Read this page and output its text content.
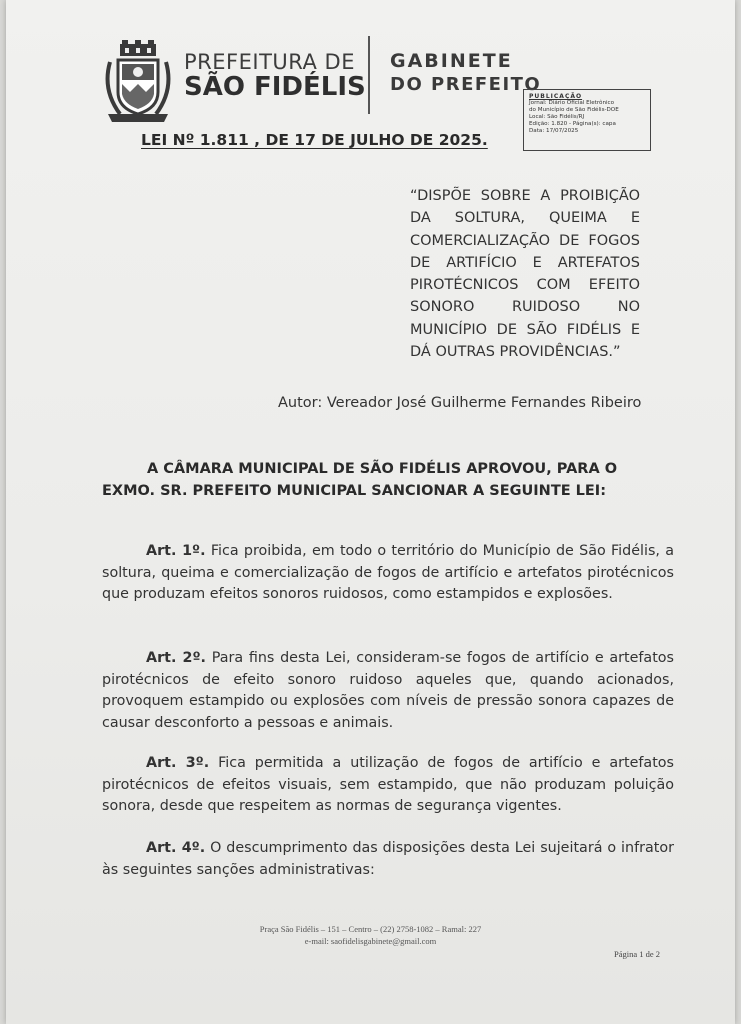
PREFEITURA DE
SÃO FIDÉLIS
GABINETE
DO PREFEITO
PUBLICAÇÃO
Jornal: Diário Oficial Eletrônico
do Município de São Fidélis-DOE
Local: São Fidélis/RJ
Edição: 1.820 - Página(s): capa
Data: 17/07/2025
LEI Nº 1.811 , DE 17 DE JULHO DE 2025.

“DISPÕE SOBRE A PROIBIÇÃO DA SOLTURA, QUEIMA E COMERCIALIZAÇÃO DE FOGOS DE ARTIFÍCIO E ARTEFATOS PIROTÉCNICOS COM EFEITO SONORO RUIDOSO NO MUNICÍPIO DE SÃO FIDÉLIS E DÁ OUTRAS PROVIDÊNCIAS.”

Autor: Vereador José Guilherme Fernandes Ribeiro
A CÂMARA MUNICIPAL DE SÃO FIDÉLIS APROVOU, PARA O
EXMO. SR. PREFEITO MUNICIPAL SANCIONAR A SEGUINTE LEI:
Art. 1º. Fica proibida, em todo o território do Município de São Fidélis, a soltura, queima e comercialização de fogos de artifício e artefatos pirotécnicos que produzam efeitos sonoros ruidosos, como estampidos e explosões.
Art. 2º. Para fins desta Lei, consideram-se fogos de artifício e artefatos pirotécnicos de efeito sonoro ruidoso aqueles que, quando acionados, provoquem estampido ou explosões com níveis de pressão sonora capazes de causar desconforto a pessoas e animais.
Art. 3º. Fica permitida a utilização de fogos de artifício e artefatos pirotécnicos de efeitos visuais, sem estampido, que não produzam poluição sonora, desde que respeitem as normas de segurança vigentes.
Art. 4º. O descumprimento das disposições desta Lei sujeitará o infrator às seguintes sanções administrativas:
Praça São Fidélis – 151 – Centro – (22) 2758-1082 – Ramal: 227
e-mail: saofidelisgabinete@gmail.com
Página 1 de 2
